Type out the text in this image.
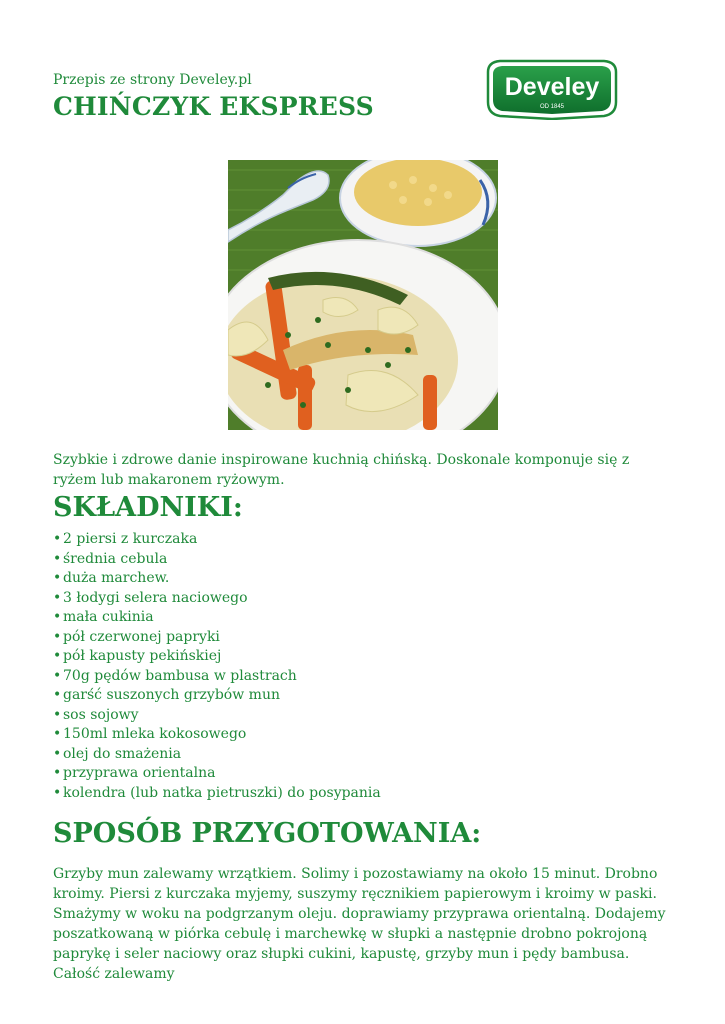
Przepis ze strony Develey.pl
CHIŃCZYK EKSPRESS
Develey
OD 1845

Szybkie i zdrowe danie inspirowane kuchnią chińską. Doskonale komponuje się z ryżem lub makaronem ryżowym.

SKŁADNIKI:
• 2 piersi z kurczaka
• średnia cebula
• duża marchew.
• 3 łodygi selera naciowego
• mała cukinia
• pół czerwonej papryki
• pół kapusty pekińskiej
• 70g pędów bambusa w plastrach
• garść suszonych grzybów mun
• sos sojowy
• 150ml mleka kokosowego
• olej do smażenia
• przyprawa orientalna
• kolendra (lub natka pietruszki) do posypania
SPOSÓB PRZYGOTOWANIA:

Grzyby mun zalewamy wrzątkiem. Solimy i pozostawiamy na około 15 minut. Drobno kroimy. Piersi z kurczaka myjemy, suszymy ręcznikiem papierowym i kroimy w paski. Smażymy w woku na podgrzanym oleju. doprawiamy przyprawa orientalną. Dodajemy poszatkowaną w piórka cebulę i marchewkę w słupki a następnie drobno pokrojoną paprykę i seler naciowy oraz słupki cukini, kapustę, grzyby mun i pędy bambusa. Całość zalewamy
